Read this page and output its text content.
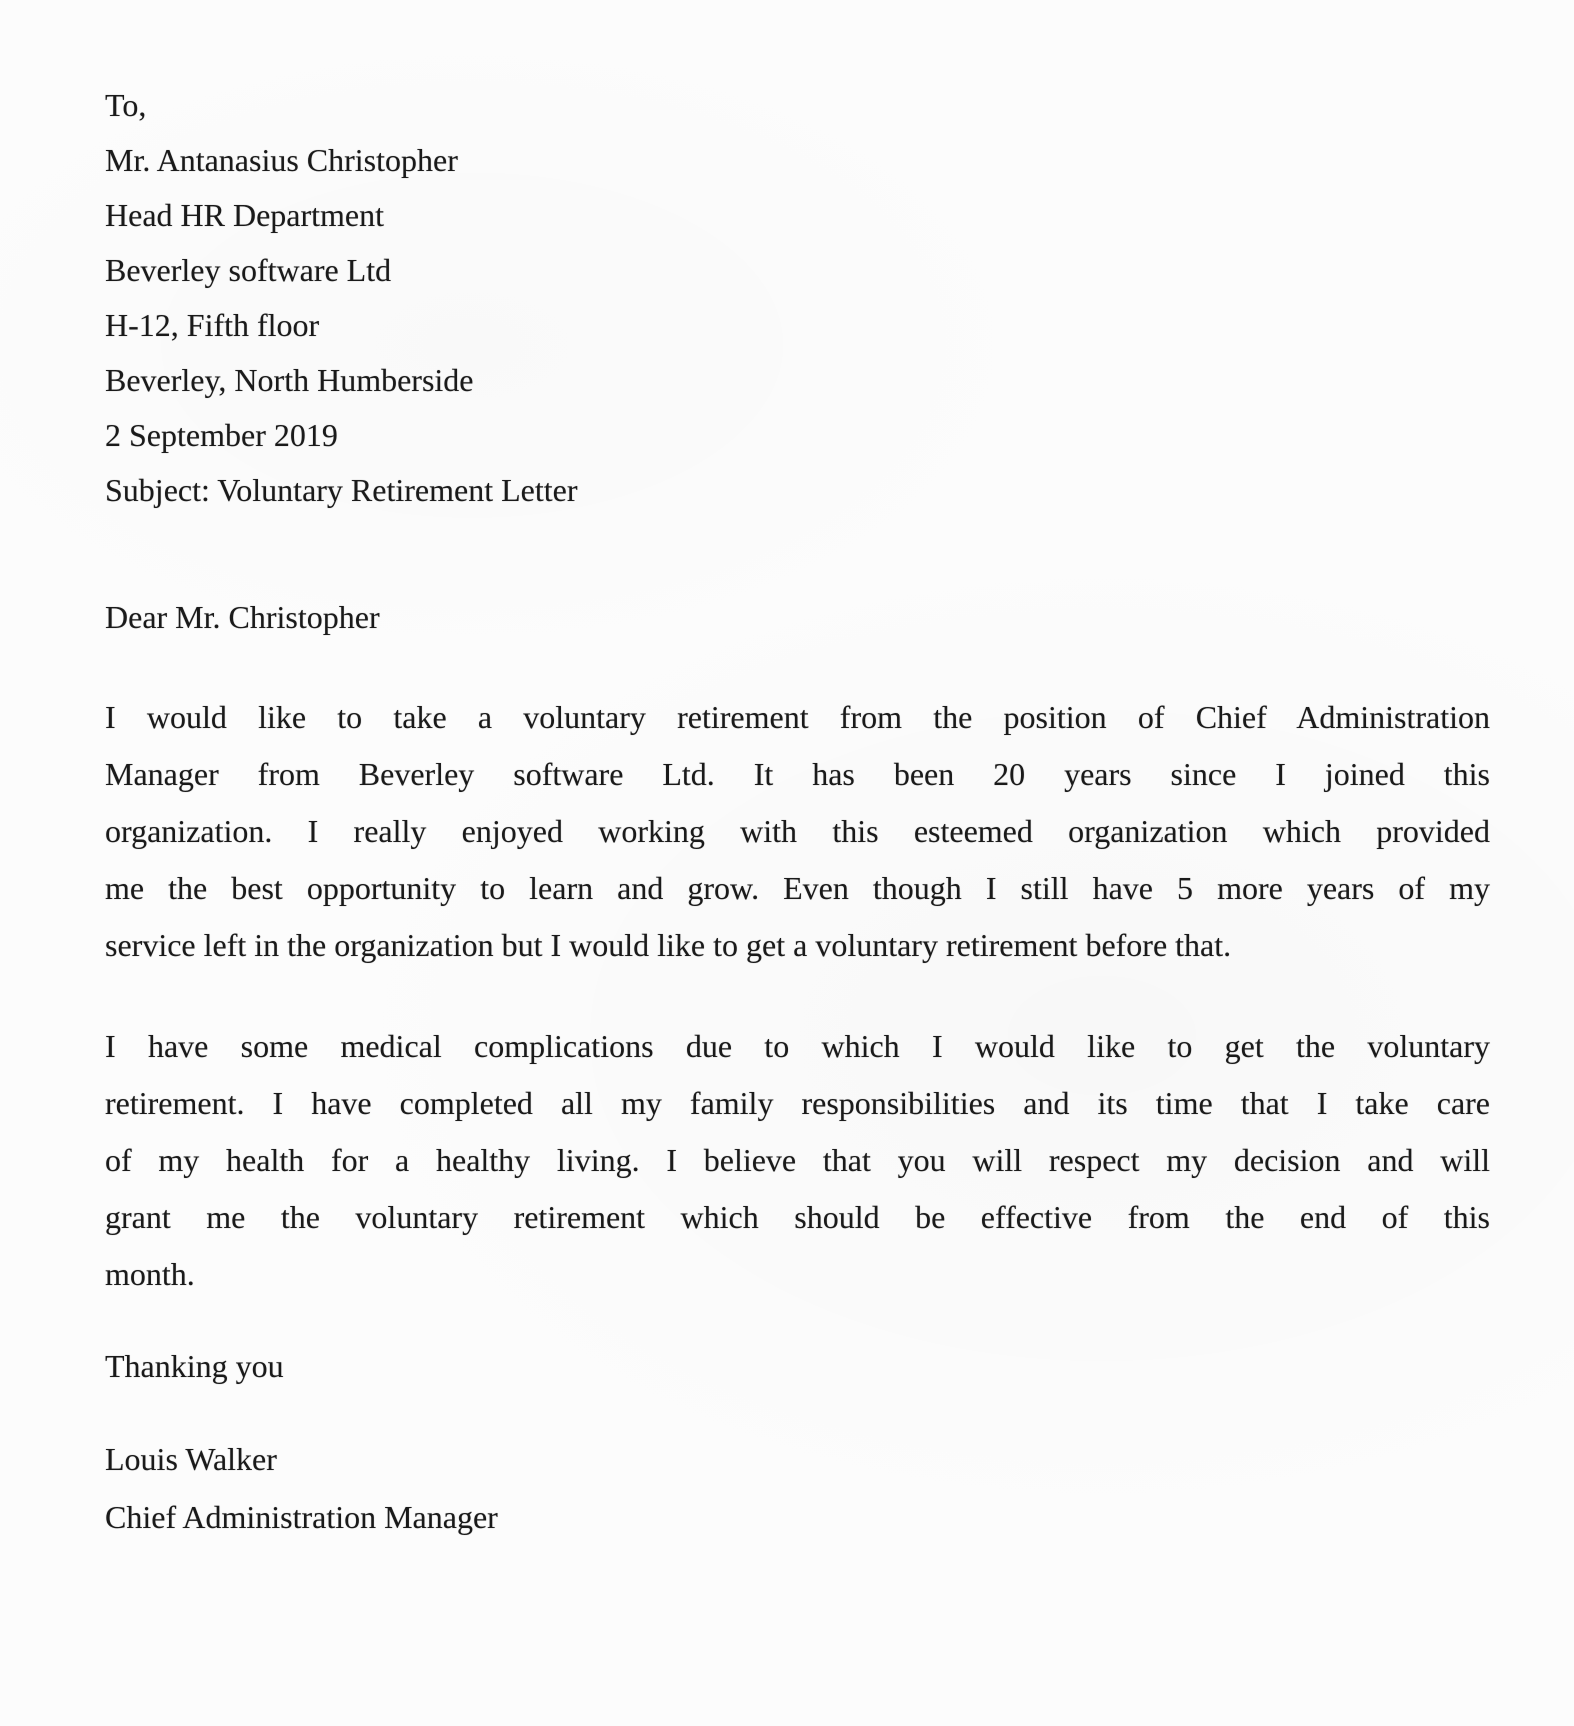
To,
Mr. Antanasius Christopher
Head HR Department
Beverley software Ltd
H-12, Fifth floor
Beverley, North Humberside
2 September 2019
Subject: Voluntary Retirement Letter
Dear Mr. Christopher
I would like to take a voluntary retirement from the position of Chief Administration
Manager from Beverley software Ltd. It has been 20 years since I joined this
organization. I really enjoyed working with this esteemed organization which provided
me the best opportunity to learn and grow. Even though I still have 5 more years of my
service left in the organization but I would like to get a voluntary retirement before that.
I have some medical complications due to which I would like to get the voluntary
retirement. I have completed all my family responsibilities and its time that I take care
of my health for a healthy living. I believe that you will respect my decision and will
grant me the voluntary retirement which should be effective from the end of this
month.
Thanking you
Louis Walker
Chief Administration Manager
